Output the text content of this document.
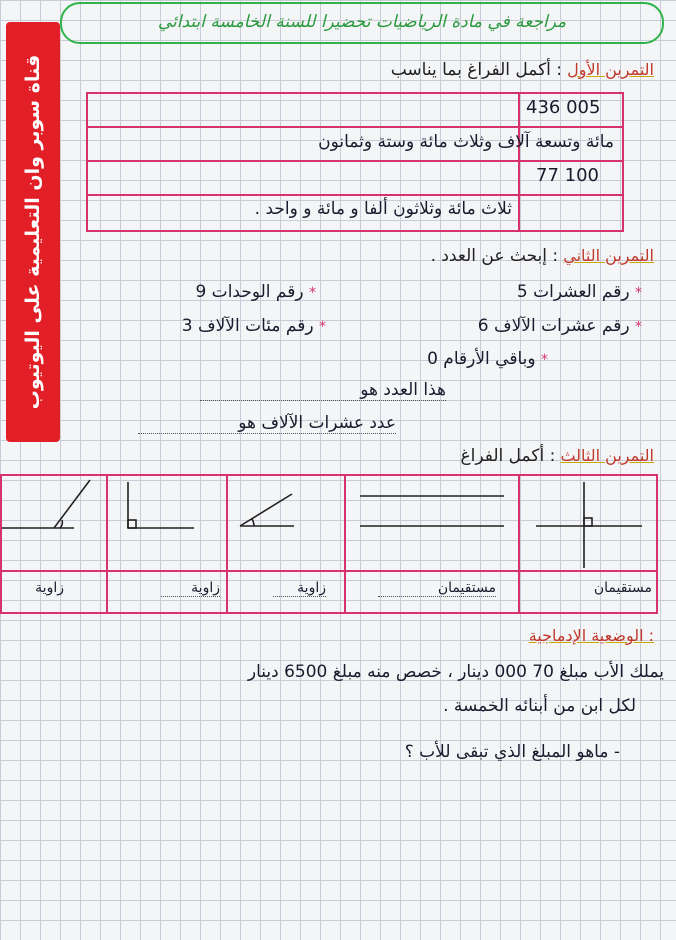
مراجعة في مادة الرياضيات تحضيرا للسنة الخامسة ابتدائي
قناة سوبر وان التعليمية على اليوتيوب	التمرين الأول : أكمل الفراغ بما يناسب
436 005
مائة وتسعة آلاف وثلاث مائة وستة وثمانون
77 100
ثلاث مائة وثلاثون ألفا و مائة و واحد .
التمرين الثاني : إبحث عن العدد .
* رقم العشرات 5
* رقم الوحدات 9
* رقم عشرات الآلاف 6
* رقم مئات الآلاف 3
* وباقي الأرقام 0
هذا العدد هو
عدد عشرات الآلاف هو
التمرين الثالث : أكمل الفراغ
زاوية	زاوية	زاوية	مستقيمان	مستقيمان
: الوضعية الإدماجية
يملك الأب مبلغ 70 000 دينار ، خصص منه مبلغ 6500 دينار
لكل ابن من أبنائه الخمسة .
- ماهو المبلغ الذي تبقى للأب ؟
